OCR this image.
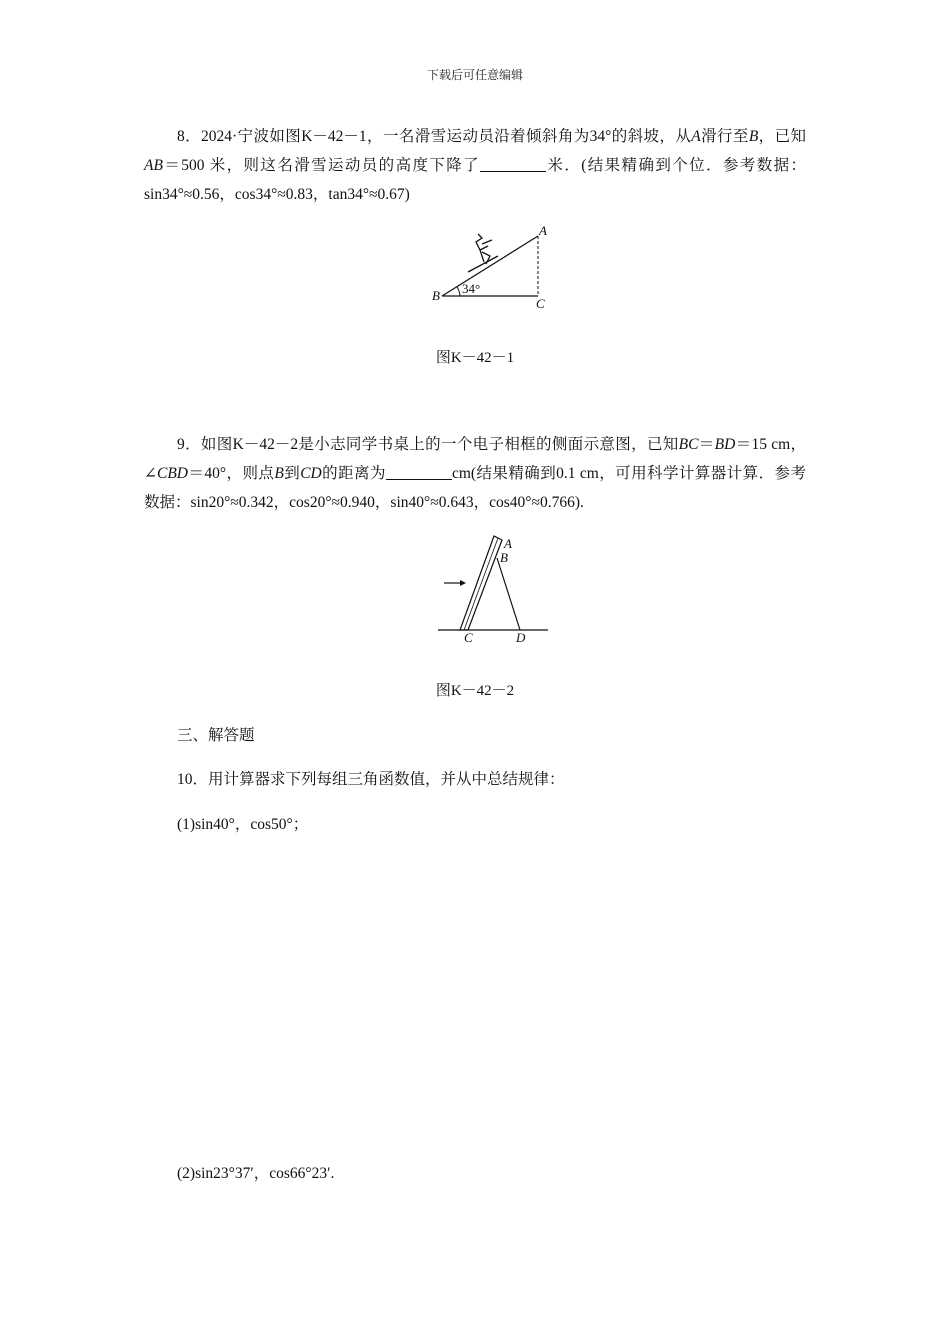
下载后可任意编辑
8．2024·宁波如图K－42－1，一名滑雪运动员沿着倾斜角为34°的斜坡，从A滑行至B，已知AB＝500 米，则这名滑雪运动员的高度下降了	米．(结果精确到个位．参考数据：sin34°≈0.56，cos34°≈0.83，tan34°≈0.67)
A
B
C
34°
图K－42－1
9．如图K－42－2是小志同学书桌上的一个电子相框的侧面示意图，已知BC＝BD＝15 cm，∠CBD＝40°，则点B到CD的距离为	cm(结果精确到0.1 cm，可用科学计算器计算．参考数据：sin20°≈0.342，cos20°≈0.940，sin40°≈0.643，cos40°≈0.766).
A
B
C	D
图K－42－2
三、解答题
10．用计算器求下列每组三角函数值，并从中总结规律：
(1)sin40°，cos50°；
(2)sin23°37′，cos66°23′.
